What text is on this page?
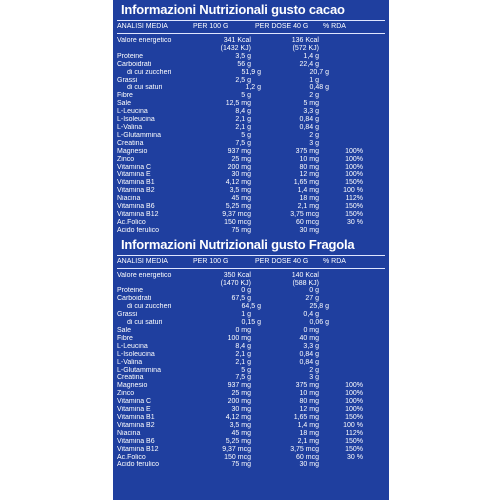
Informazioni Nutrizionali gusto cacao
ANALISI MEDIA	PER 100 G	PER DOSE 40 G	% RDA
Valore energetico	341 Kcal	136 Kcal
(1432 KJ)	(572 KJ)
Proteine	3,5 g	1,4 g
Carboidrati	56 g	22,4 g
di cui zuccheri	51,9 g	20,7 g
Grassi	2,5 g	1 g
di cui saturi	1,2 g	0,48 g
Fibre	5 g	2 g
Sale	12,5 mg	5 mg
L-Leucina	8,4 g	3,3 g
L-Isoleucina	2,1 g	0,84 g
L-Valina	2,1 g	0,84 g
L-Glutammina	5 g	2 g
Creatina	7,5 g	3 g
Magnesio	937 mg	375 mg	100%
Zinco	25 mg	10 mg	100%
Vitamina C	200 mg	80 mg	100%
Vitamina E	30 mg	12 mg	100%
Vitamina B1	4,12 mg	1,65 mg	150%
Vitamina B2	3,5 mg	1,4 mg	100 %
Niacina	45 mg	18 mg	112%
Vitamina B6	5,25 mg	2,1 mg	150%
Vitamina B12	9,37 mcg	3,75 mcg	150%
Ac.Folico	150 mcg	60 mcg	30 %
Acido ferulico	75 mg	30 mg
Informazioni Nutrizionali gusto Fragola
ANALISI MEDIA	PER 100 G	PER DOSE 40 G	% RDA
Valore energetico	350 Kcal	140 Kcal
(1470 KJ)	(588 KJ)
Proteine	0 g	0 g
Carboidrati	67,5 g	27 g
di cui zuccheri	64,5 g	25,8 g
Grassi	1 g	0,4 g
di cui saturi	0,15 g	0,06 g
Sale	0 mg	0 mg
Fibre	100 mg	40 mg
L-Leucina	8,4 g	3,3 g
L-Isoleucina	2,1 g	0,84 g
L-Valina	2,1 g	0,84 g
L-Glutammina	5 g	2 g
Creatina	7,5 g	3 g
Magnesio	937 mg	375 mg	100%
Zinco	25 mg	10 mg	100%
Vitamina C	200 mg	80 mg	100%
Vitamina E	30 mg	12 mg	100%
Vitamina B1	4,12 mg	1,65 mg	150%
Vitamina B2	3,5 mg	1,4 mg	100 %
Niacina	45 mg	18 mg	112%
Vitamina B6	5,25 mg	2,1 mg	150%
Vitamina B12	9,37 mcg	3,75 mcg	150%
Ac.Folico	150 mcg	60 mcg	30 %
Acido ferulico	75 mg	30 mg
